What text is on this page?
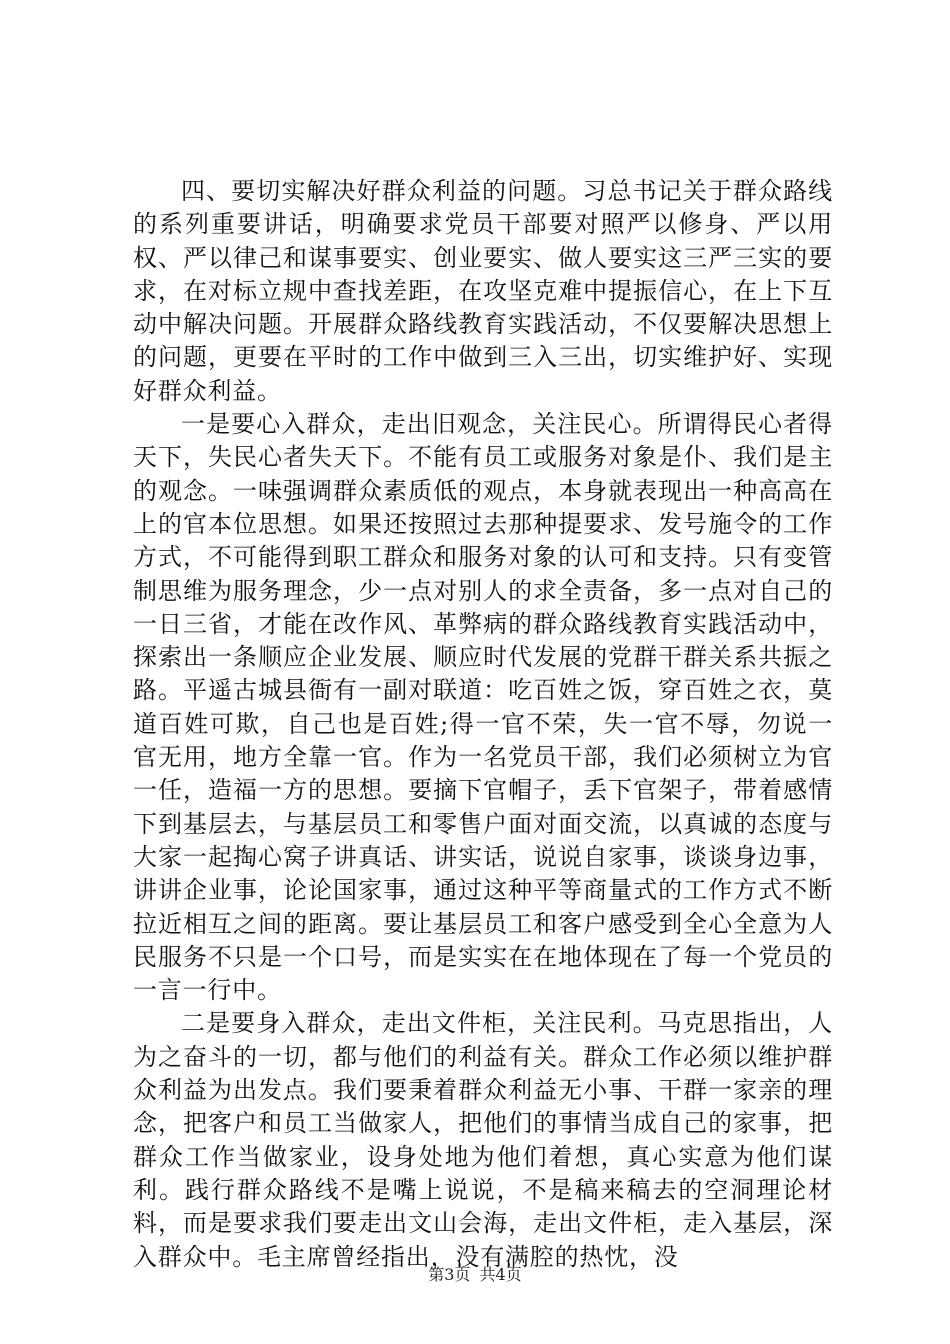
四、要切实解决好群众利益的问题。习总书记关于群众路线的系列重要讲话，明确要求党员干部要对照严以修身、严以用权、严以律己和谋事要实、创业要实、做人要实这三严三实的要求，在对标立规中查找差距，在攻坚克难中提振信心，在上下互动中解决问题。开展群众路线教育实践活动，不仅要解决思想上的问题，更要在平时的工作中做到三入三出，切实维护好、实现好群众利益。

一是要心入群众，走出旧观念，关注民心。所谓得民心者得天下，失民心者失天下。不能有员工或服务对象是仆、我们是主的观念。一味强调群众素质低的观点，本身就表现出一种高高在上的官本位思想。如果还按照过去那种提要求、发号施令的工作方式，不可能得到职工群众和服务对象的认可和支持。只有变管制思维为服务理念，少一点对别人的求全责备，多一点对自己的一日三省，才能在改作风、革弊病的群众路线教育实践活动中，探索出一条顺应企业发展、顺应时代发展的党群干群关系共振之路。平遥古城县衙有一副对联道：吃百姓之饭，穿百姓之衣，莫道百姓可欺，自己也是百姓;得一官不荣，失一官不辱，勿说一官无用，地方全靠一官。作为一名党员干部，我们必须树立为官一任，造福一方的思想。要摘下官帽子，丢下官架子，带着感情下到基层去，与基层员工和零售户面对面交流，以真诚的态度与大家一起掏心窝子讲真话、讲实话，说说自家事，谈谈身边事，讲讲企业事，论论国家事，通过这种平等商量式的工作方式不断拉近相互之间的距离。要让基层员工和客户感受到全心全意为人民服务不只是一个口号，而是实实在在地体现在了每一个党员的一言一行中。

二是要身入群众，走出文件柜，关注民利。马克思指出，人为之奋斗的一切，都与他们的利益有关。群众工作必须以维护群众利益为出发点。我们要秉着群众利益无小事、干群一家亲的理念，把客户和员工当做家人，把他们的事情当成自己的家事，把群众工作当做家业，设身处地为他们着想，真心实意为他们谋利。践行群众路线不是嘴上说说，不是稿来稿去的空洞理论材料，而是要求我们要走出文山会海，走出文件柜，走入基层，深入群众中。毛主席曾经指出，没有满腔的热忱，没

第3页 共4页
